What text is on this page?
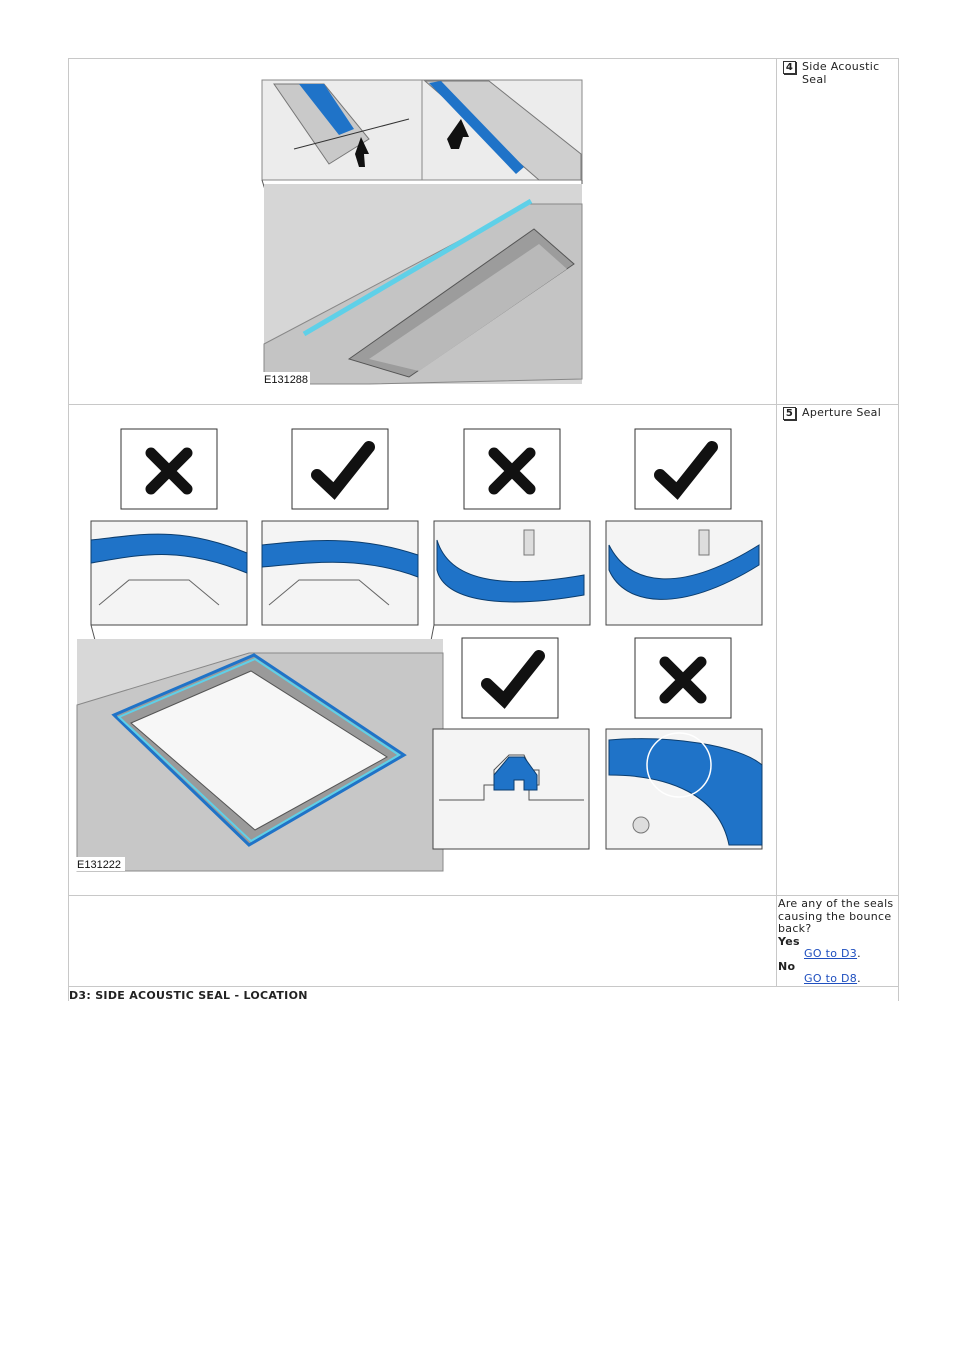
E131288	4 Side Acoustic Seal

E131222	5 Aperture Seal

	Are any of the seals causing the bounce back?
Yes
GO to D3.
No
GO to D8.

D3: SIDE ACOUSTIC SEAL - LOCATION	
